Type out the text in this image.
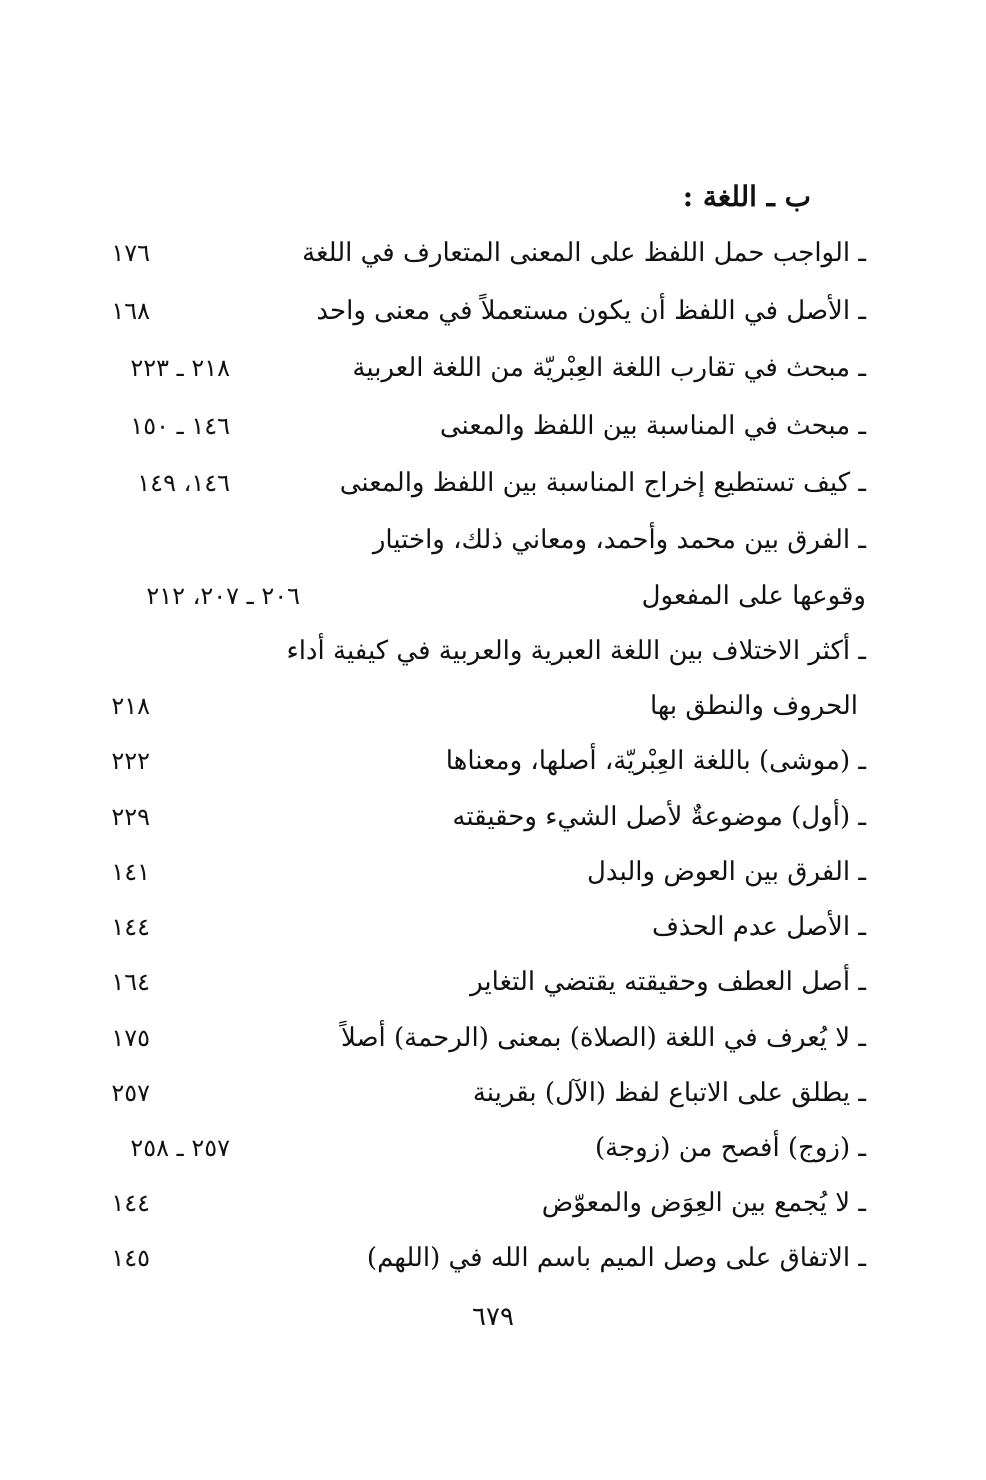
ب ـ اللغة :
ـ الواجب حمل اللفظ على المعنى المتعارف في اللغة
١٧٦
ـ الأصل في اللفظ أن يكون مستعملاً في معنى واحد
١٦٨
ـ مبحث في تقارب اللغة العِبْريّة من اللغة العربية
٢١٨ ـ ٢٢٣
ـ مبحث في المناسبة بين اللفظ والمعنى
١٤٦ ـ ١٥٠
ـ كيف تستطيع إخراج المناسبة بين اللفظ والمعنى
١٤٦، ١٤٩
ـ الفرق بين محمد وأحمد، ومعاني ذلك، واختيار
وقوعها على المفعول
٢٠٦ ـ ٢٠٧، ٢١٢
ـ أكثر الاختلاف بين اللغة العبرية والعربية في كيفية أداء
الحروف والنطق بها
٢١٨
ـ (موشى) باللغة العِبْريّة، أصلها، ومعناها
٢٢٢
ـ (أول) موضوعةٌ لأصل الشيء وحقيقته
٢٢٩
ـ الفرق بين العوض والبدل
١٤١
ـ الأصل عدم الحذف
١٤٤
ـ أصل العطف وحقيقته يقتضي التغاير
١٦٤
ـ لا يُعرف في اللغة (الصلاة) بمعنى (الرحمة) أصلاً
١٧٥
ـ يطلق على الاتباع لفظ (الآل) بقرينة
٢٥٧
ـ (زوج) أفصح من (زوجة)
٢٥٧ ـ ٢٥٨
ـ لا يُجمع بين العِوَض والمعوّض
١٤٤
ـ الاتفاق على وصل الميم باسم الله في (اللهم)
١٤٥
٦٧٩
